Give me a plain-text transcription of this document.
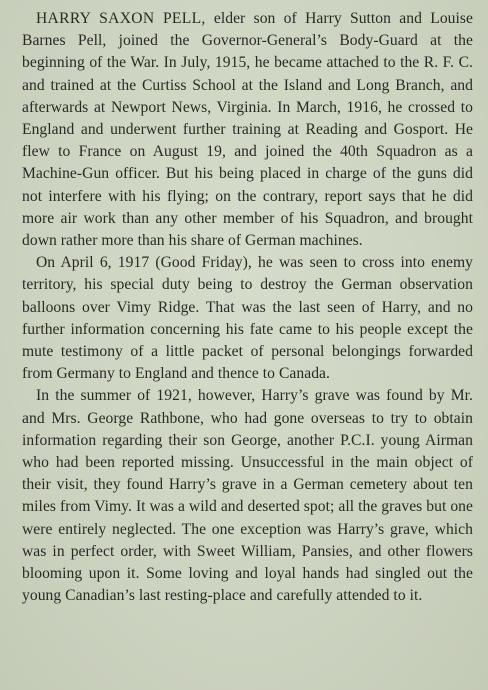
HARRY SAXON PELL, elder son of Harry Sutton and Louise Barnes Pell, joined the Governor-General’s Body-Guard at the beginning of the War. In July, 1915, he became attached to the R. F. C. and trained at the Curtiss School at the Island and Long Branch, and afterwards at Newport News, Virginia. In March, 1916, he crossed to England and underwent further training at Reading and Gosport. He flew to France on August 19, and joined the 40th Squadron as a Machine-Gun officer. But his being placed in charge of the guns did not interfere with his flying; on the contrary, report says that he did more air work than any other member of his Squadron, and brought down rather more than his share of German machines.

On April 6, 1917 (Good Friday), he was seen to cross into enemy territory, his special duty being to destroy the German observation balloons over Vimy Ridge. That was the last seen of Harry, and no further information concerning his fate came to his people except the mute testimony of a little packet of personal belongings forwarded from Germany to England and thence to Canada.

In the summer of 1921, however, Harry’s grave was found by Mr. and Mrs. George Rathbone, who had gone overseas to try to obtain information regarding their son George, another P.C.I. young Airman who had been reported missing. Unsuccessful in the main object of their visit, they found Harry’s grave in a German cemetery about ten miles from Vimy. It was a wild and deserted spot; all the graves but one were entirely neglected. The one exception was Harry’s grave, which was in perfect order, with Sweet William, Pansies, and other flowers blooming upon it. Some loving and loyal hands had singled out the young Canadian’s last resting-place and carefully attended to it.
